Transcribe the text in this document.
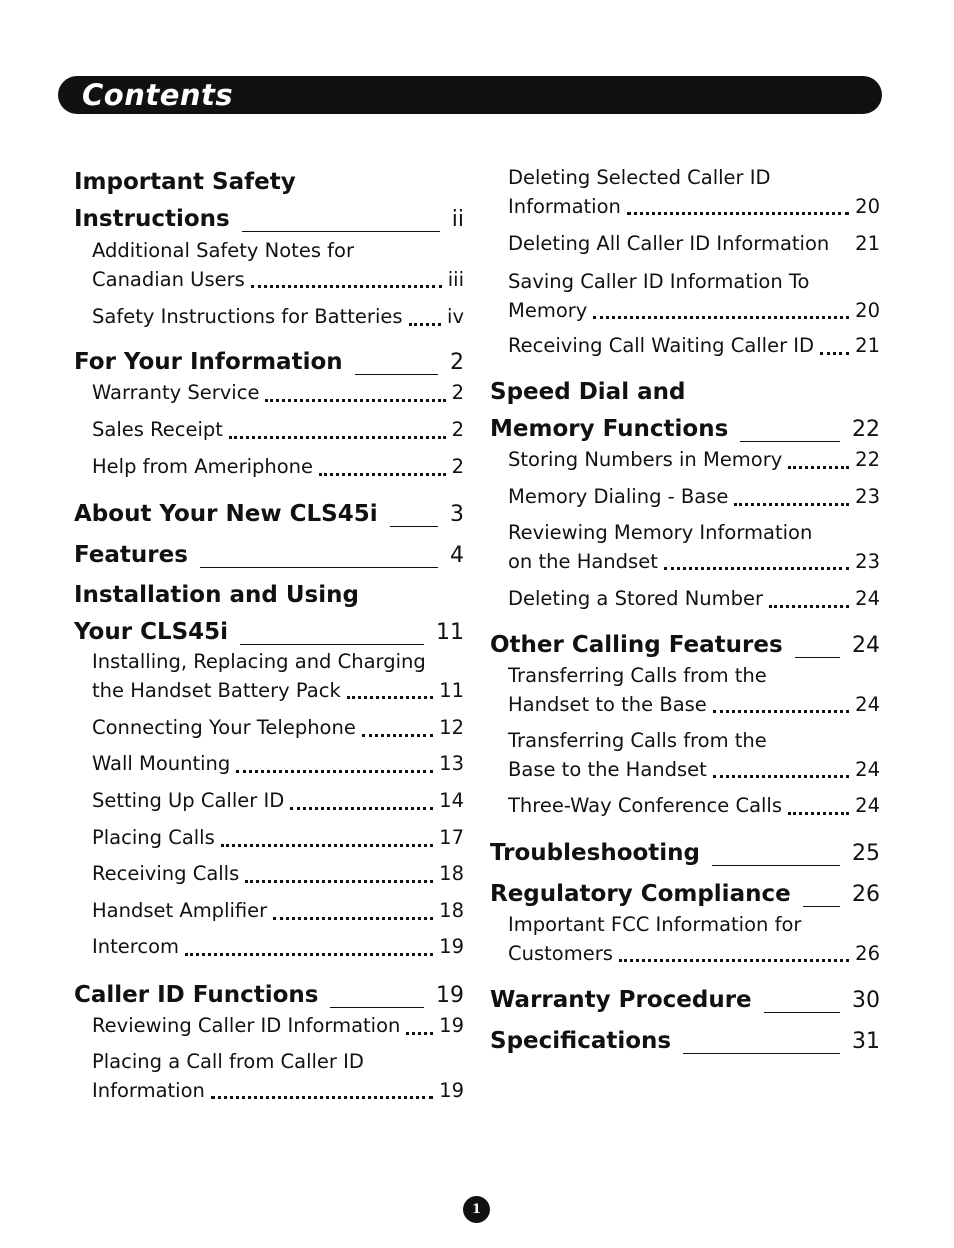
Contents
Important Safety
Instructions	ii
Additional Safety Notes for
Canadian Users	iii
Safety Instructions for Batteries iv
For Your Information	2
Warranty Service	2
Sales Receipt	2
Help from Ameriphone	2
About Your New CLS45i	3
Features	4
Installation and Using
Your CLS45i	11
Installing, Replacing and Charging
the Handset Battery Pack	11
Connecting Your Telephone	12
Wall Mounting	13
Setting Up Caller ID	14
Placing Calls	17
Receiving Calls	18
Handset Amplifier	18
Intercom	19
Caller ID Functions	19
Reviewing Caller ID Information 19
Placing a Call from Caller ID
Information	19
Deleting Selected Caller ID
Information	20
Deleting All Caller ID Information 21
Saving Caller ID Information To
Memory	20
Receiving Call Waiting Caller ID 21
Speed Dial and
Memory Functions	22
Storing Numbers in Memory	22
Memory Dialing - Base	23
Reviewing Memory Information
on the Handset	23
Deleting a Stored Number	24
Other Calling Features	24
Transferring Calls from the
Handset to the Base	24
Transferring Calls from the
Base to the Handset	24
Three-Way Conference Calls	24
Troubleshooting	25
Regulatory Compliance	26
Important FCC Information for
Customers	26
Warranty Procedure	30
Specifications	31
1
